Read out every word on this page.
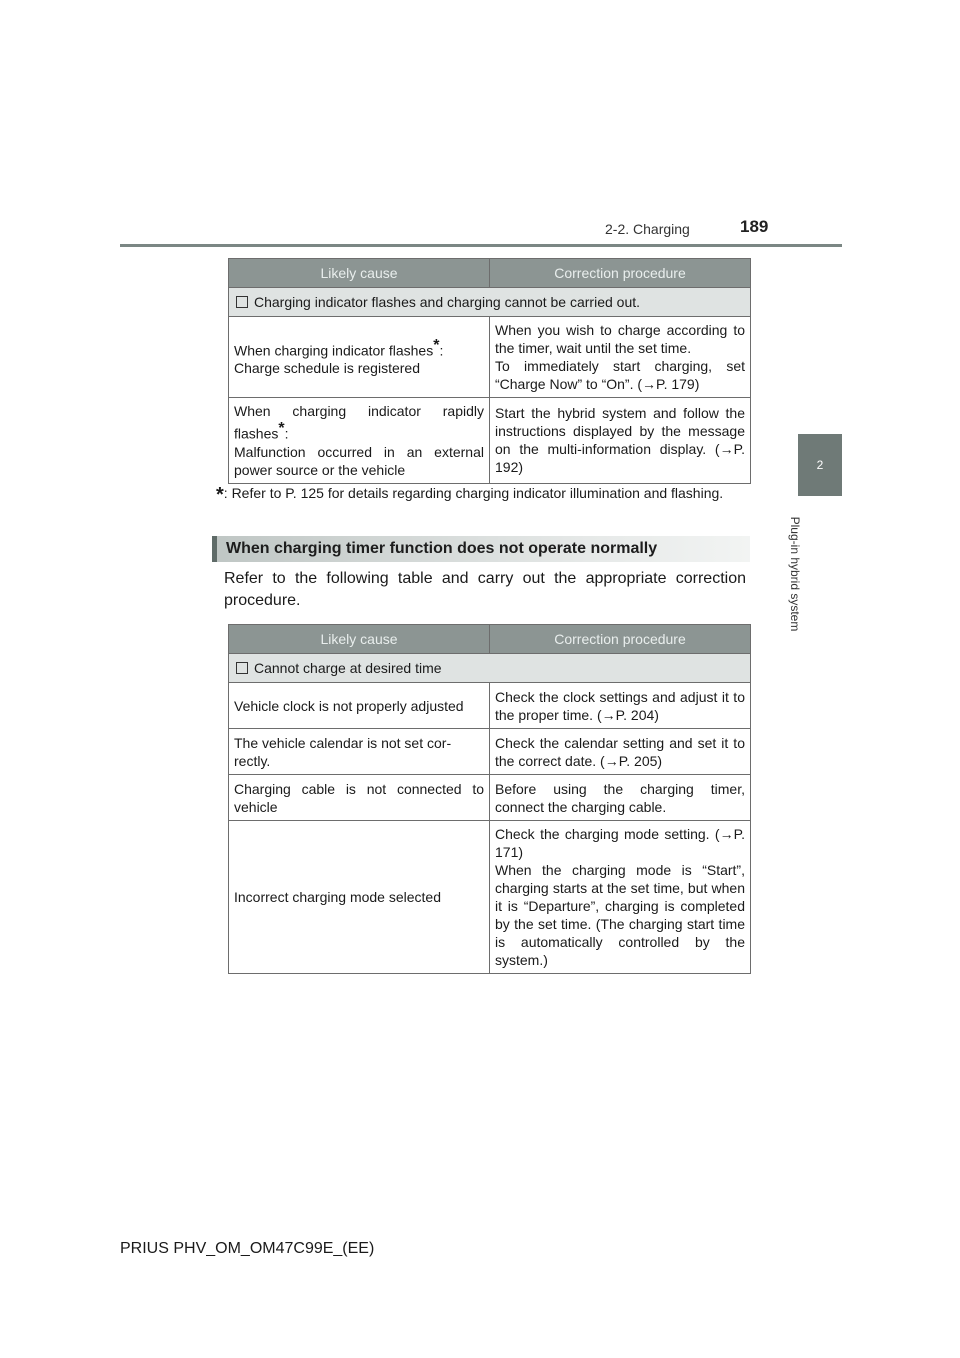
2-2. Charging	189
2
Plug-in hybrid system
Likely cause	Correction procedure
Charging indicator flashes and charging cannot be carried out.	
When charging indicator flashes*:
Charge schedule is registered	When you wish to charge according to the timer, wait until the set time.
To immediately start charging, set “Charge Now” to “On”. (→P. 179)
When charging indicator rapidly flashes*:
Malfunction occurred in an external power source or the vehicle	Start the hybrid system and follow the instructions displayed by the message on the multi-information display. (→P. 192)
*: Refer to P. 125 for details regarding charging indicator illumination and flashing.
When charging timer function does not operate normally
Refer to the following table and carry out the appropriate correction procedure.
Likely cause	Correction procedure
Cannot charge at desired time	
Vehicle clock is not properly adjusted	Check the clock settings and adjust it to the proper time. (→P. 204)
The vehicle calendar is not set cor-rectly.	Check the calendar setting and set it to the correct date. (→P. 205)
Charging cable is not connected to vehicle	Before using the charging timer, connect the charging cable.
Incorrect charging mode selected	Check the charging mode setting. (→P. 171)
When the charging mode is “Start”, charging starts at the set time, but when it is “Departure”, charging is completed by the set time. (The charging start time is automatically controlled by the system.)
PRIUS PHV_OM_OM47C99E_(EE)
